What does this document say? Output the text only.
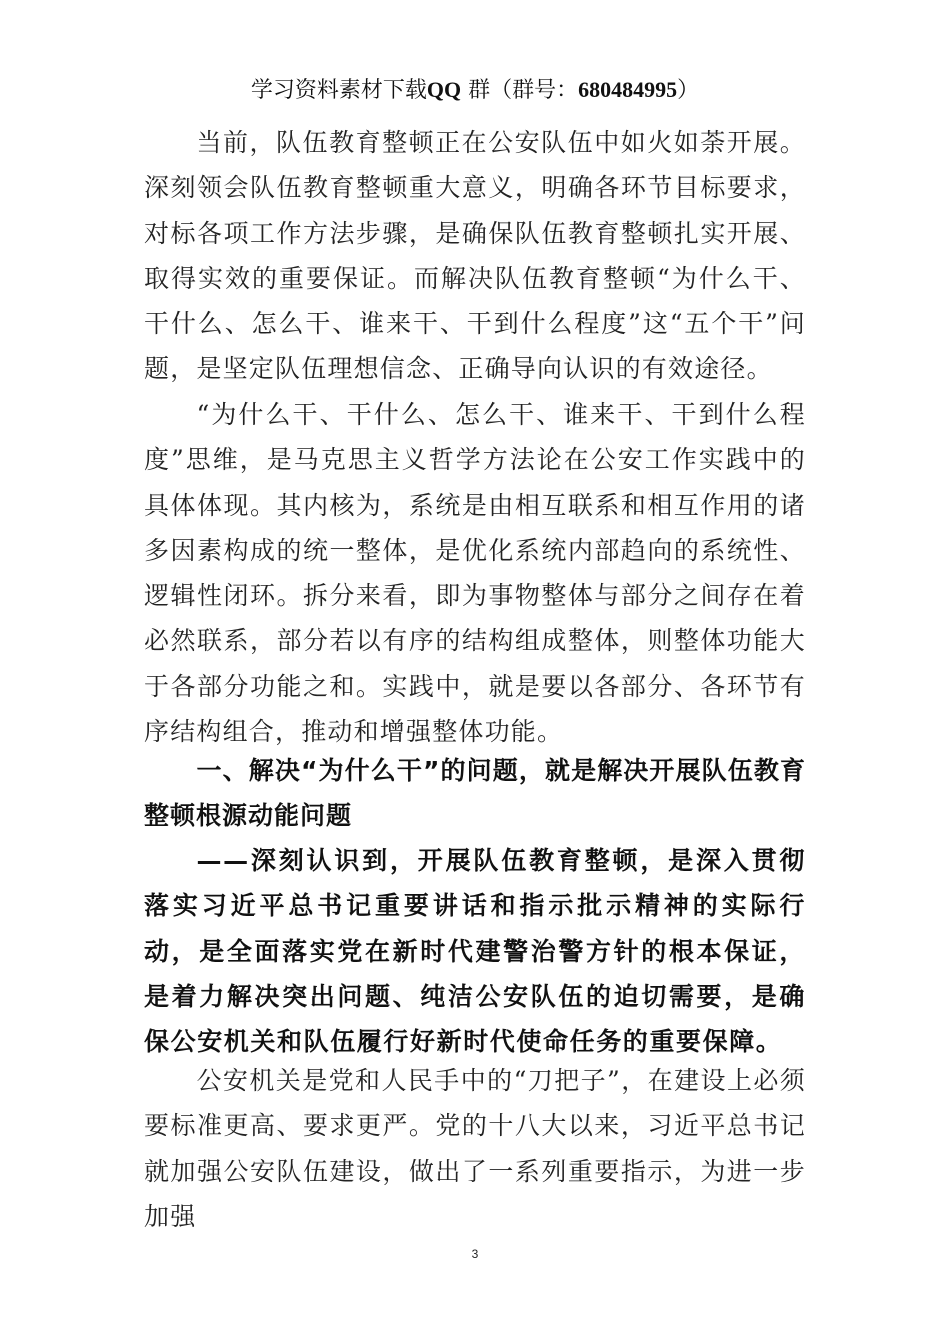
学习资料素材下载QQ 群（群号：680484995）

当前，队伍教育整顿正在公安队伍中如火如荼开展。深刻领会队伍教育整顿重大意义，明确各环节目标要求，对标各项工作方法步骤，是确保队伍教育整顿扎实开展、取得实效的重要保证。而解决队伍教育整顿“为什么干、干什么、怎么干、谁来干、干到什么程度”这“五个干”问题，是坚定队伍理想信念、正确导向认识的有效途径。

“为什么干、干什么、怎么干、谁来干、干到什么程度”思维，是马克思主义哲学方法论在公安工作实践中的具体体现。其内核为，系统是由相互联系和相互作用的诸多因素构成的统一整体，是优化系统内部趋向的系统性、逻辑性闭环。拆分来看，即为事物整体与部分之间存在着必然联系，部分若以有序的结构组成整体，则整体功能大于各部分功能之和。实践中，就是要以各部分、各环节有序结构组合，推动和增强整体功能。

一、解决“为什么干”的问题，就是解决开展队伍教育整顿根源动能问题

——深刻认识到，开展队伍教育整顿，是深入贯彻落实习近平总书记重要讲话和指示批示精神的实际行动，是全面落实党在新时代建警治警方针的根本保证，是着力解决突出问题、纯洁公安队伍的迫切需要，是确保公安机关和队伍履行好新时代使命任务的重要保障。

公安机关是党和人民手中的“刀把子”，在建设上必须要标准更高、要求更严。党的十八大以来，习近平总书记就加强公安队伍建设，做出了一系列重要指示，为进一步加强

3
